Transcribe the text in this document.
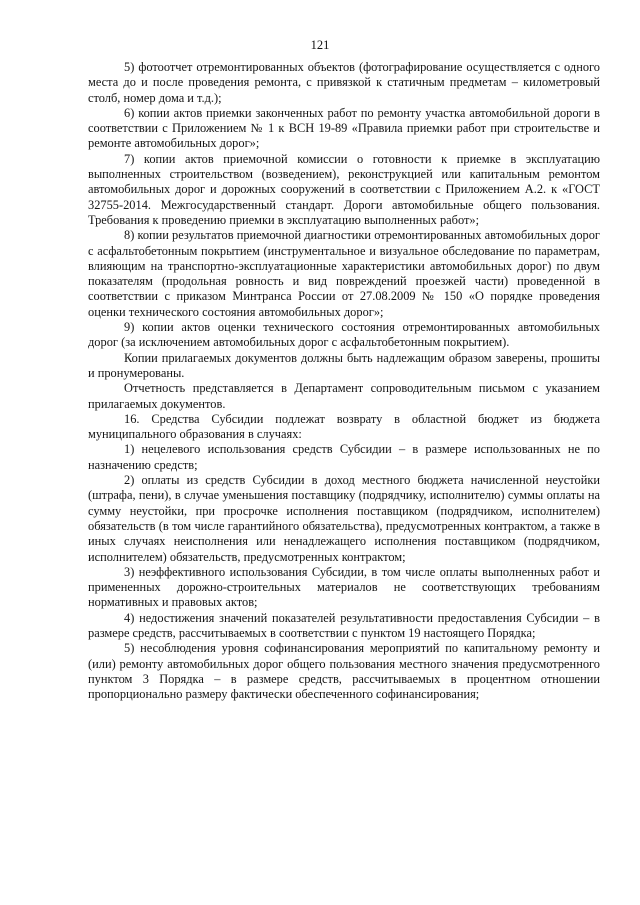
121

5) фотоотчет отремонтированных объектов (фотографирование осуществляется с одного места до и после проведения ремонта, с привязкой к статичным предметам – километровый столб, номер дома и т.д.);

6) копии актов приемки законченных работ по ремонту участка автомобильной дороги в соответствии с Приложением № 1 к ВСН 19-89 «Правила приемки работ при строительстве и ремонте автомобильных дорог»;

7) копии актов приемочной комиссии о готовности к приемке в эксплуатацию выполненных строительством (возведением), реконструкцией или капитальным ремонтом автомобильных дорог и дорожных сооружений в соответствии с Приложением А.2. к «ГОСТ 32755-2014. Межгосударственный стандарт. Дороги автомобильные общего пользования. Требования к проведению приемки в эксплуатацию выполненных работ»;

8) копии результатов приемочной диагностики отремонтированных автомобильных дорог с асфальтобетонным покрытием (инструментальное и визуальное обследование по параметрам, влияющим на транспортно-эксплуатационные характеристики автомобильных дорог) по двум показателям (продольная ровность и вид повреждений проезжей части) проведенной в соответствии с приказом Минтранса России от 27.08.2009 № 150 «О порядке проведения оценки технического состояния автомобильных дорог»;

9) копии актов оценки технического состояния отремонтированных автомобильных дорог (за исключением автомобильных дорог с асфальтобетонным покрытием).

Копии прилагаемых документов должны быть надлежащим образом заверены, прошиты и пронумерованы.

Отчетность представляется в Департамент сопроводительным письмом с указанием прилагаемых документов.

16. Средства Субсидии подлежат возврату в областной бюджет из бюджета муниципального образования в случаях:

1) нецелевого использования средств Субсидии – в размере использованных не по назначению средств;

2) оплаты из средств Субсидии в доход местного бюджета начисленной неустойки (штрафа, пени), в случае уменьшения поставщику (подрядчику, исполнителю) суммы оплаты на сумму неустойки, при просрочке исполнения поставщиком (подрядчиком, исполнителем) обязательств (в том числе гарантийного обязательства), предусмотренных контрактом, а также в иных случаях неисполнения или ненадлежащего исполнения поставщиком (подрядчиком, исполнителем) обязательств, предусмотренных контрактом;

3) неэффективного использования Субсидии, в том числе оплаты выполненных работ и примененных дорожно-строительных материалов не соответствующих требованиям нормативных и правовых актов;

4) недостижения значений показателей результативности предоставления Субсидии – в размере средств, рассчитываемых в соответствии с пунктом 19 настоящего Порядка;

5) несоблюдения уровня софинансирования мероприятий по капитальному ремонту и (или) ремонту автомобильных дорог общего пользования местного значения предусмотренного пунктом 3 Порядка – в размере средств, рассчитываемых в процентном отношении пропорционально размеру фактически обеспеченного софинансирования;
